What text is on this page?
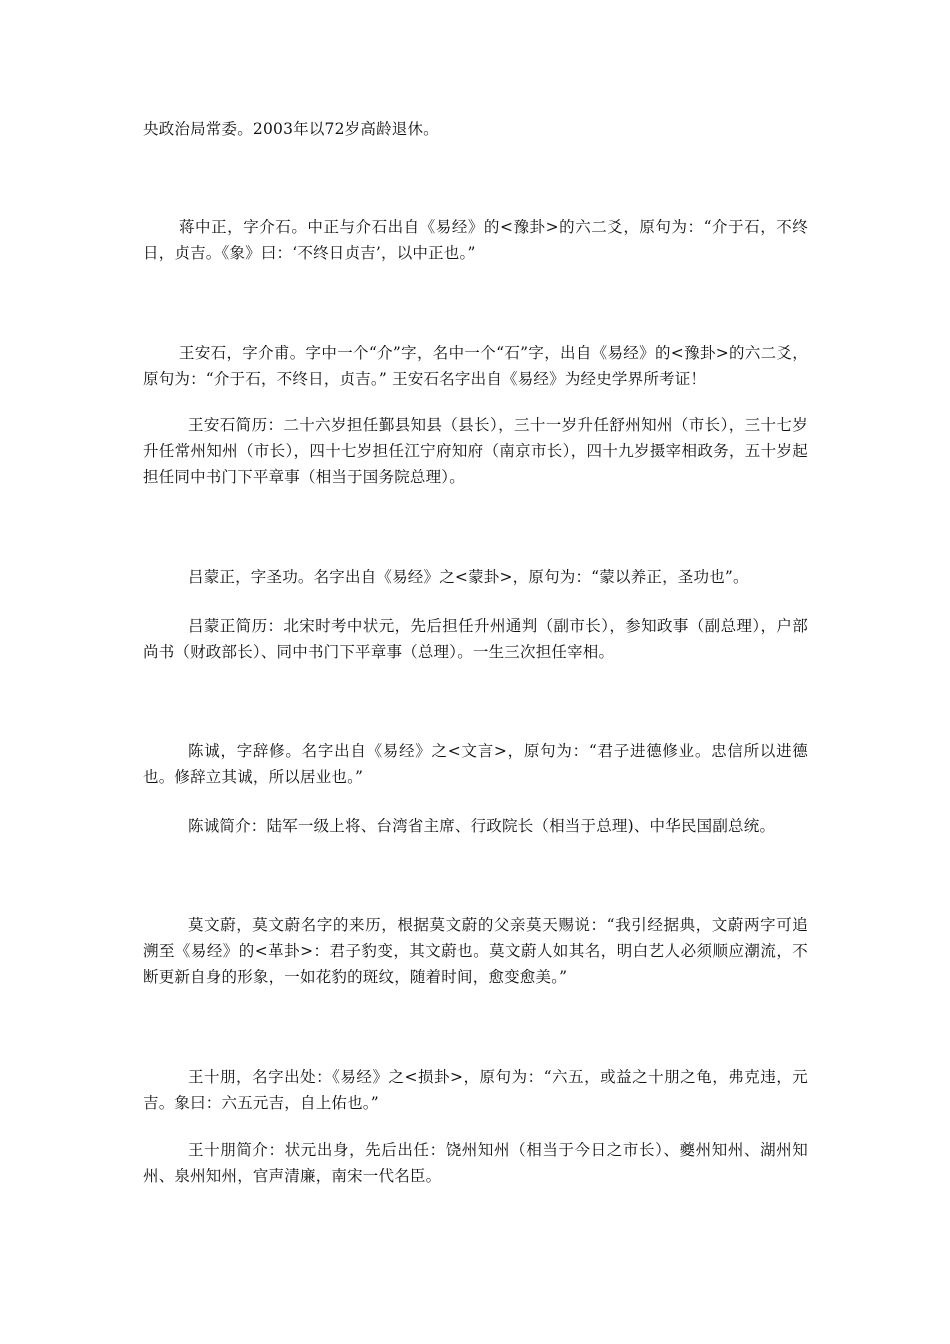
央政治局常委。2003年以72岁高龄退休。

蒋中正，字介石。中正与介石出自《易经》的<豫卦>的六二爻，原句为：“介于石，不终日，贞吉。《象》曰：‘不终日贞吉’，以中正也。”

王安石，字介甫。字中一个“介”字，名中一个“石”字，出自《易经》的<豫卦>的六二爻，原句为：“介于石，不终日，贞吉。” 王安石名字出自《易经》为经史学界所考证！

王安石简历：二十六岁担任鄞县知县（县长），三十一岁升任舒州知州（市长），三十七岁升任常州知州（市长），四十七岁担任江宁府知府（南京市长），四十九岁摄宰相政务，五十岁起担任同中书门下平章事（相当于国务院总理）。

吕蒙正，字圣功。名字出自《易经》之<蒙卦>，原句为：“蒙以养正，圣功也”。

吕蒙正简历：北宋时考中状元，先后担任升州通判（副市长），参知政事（副总理），户部尚书（财政部长）、同中书门下平章事（总理）。一生三次担任宰相。

陈诚，字辞修。名字出自《易经》之<文言>，原句为：“君子进德修业。忠信所以进德也。修辞立其诚，所以居业也。”

陈诚简介：陆军一级上将、台湾省主席、行政院长（相当于总理)、中华民国副总统。

莫文蔚，莫文蔚名字的来历，根据莫文蔚的父亲莫天赐说：“我引经据典，文蔚两字可追溯至《易经》的<革卦>：君子豹变，其文蔚也。莫文蔚人如其名，明白艺人必须顺应潮流，不断更新自身的形象，一如花豹的斑纹，随着时间，愈变愈美。”

王十朋，名字出处：《易经》之<损卦>，原句为：“六五，或益之十朋之龟，弗克违，元吉。象曰：六五元吉，自上佑也。”

王十朋简介：状元出身，先后出任：饶州知州（相当于今日之市长）、夔州知州、湖州知州、泉州知州，官声清廉，南宋一代名臣。
